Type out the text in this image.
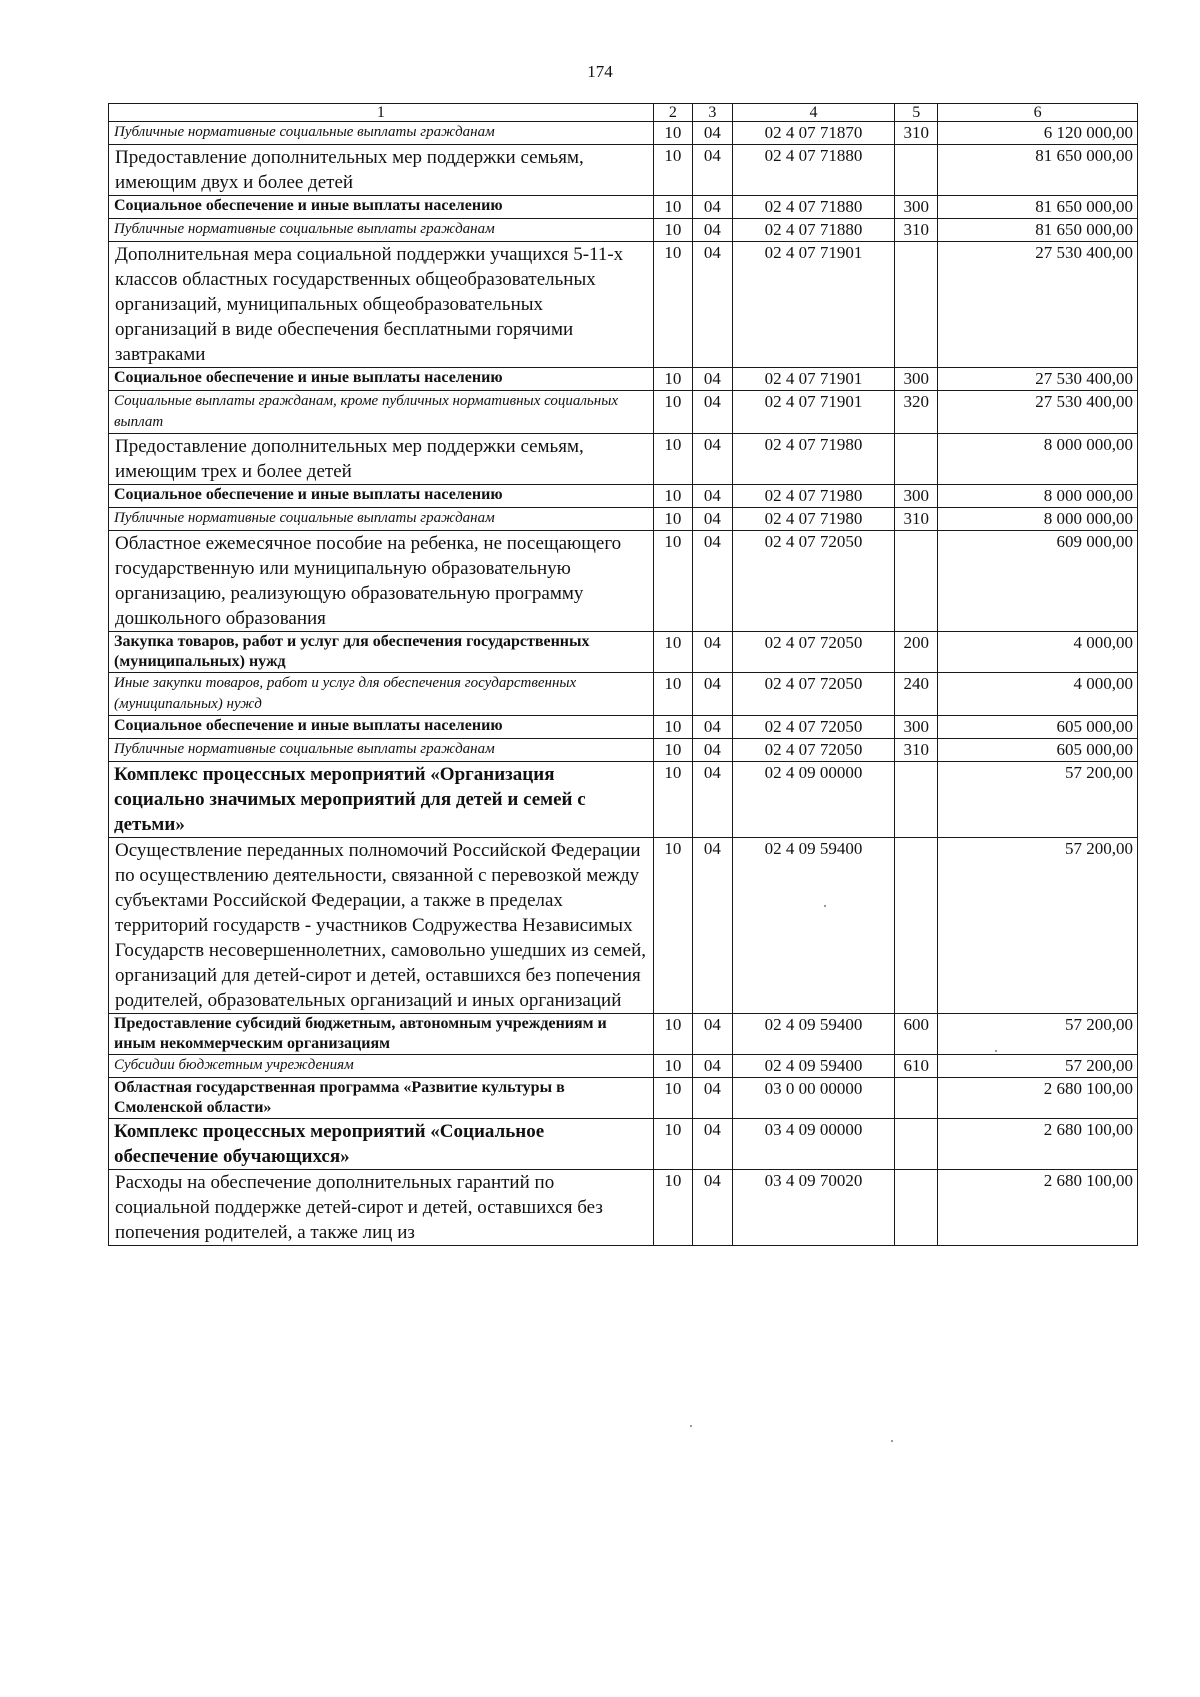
174
1	2	3	4	5	6
Публичные нормативные социальные выплаты гражданам	10	04	02 4 07 71870	310	6 120 000,00
Предоставление дополнительных мер поддержки семьям, имеющим двух и более детей	10	04	02 4 07 71880		81 650 000,00
Социальное обеспечение и иные выплаты населению	10	04	02 4 07 71880	300	81 650 000,00
Публичные нормативные социальные выплаты гражданам	10	04	02 4 07 71880	310	81 650 000,00
Дополнительная мера социальной поддержки учащихся 5-11-х классов областных государственных общеобразовательных организаций, муниципальных общеобразовательных организаций в виде обеспечения бесплатными горячими завтраками	10	04	02 4 07 71901		27 530 400,00
Социальное обеспечение и иные выплаты населению	10	04	02 4 07 71901	300	27 530 400,00
Социальные выплаты гражданам, кроме публичных нормативных социальных выплат	10	04	02 4 07 71901	320	27 530 400,00
Предоставление дополнительных мер поддержки семьям, имеющим трех и более детей	10	04	02 4 07 71980		8 000 000,00
Социальное обеспечение и иные выплаты населению	10	04	02 4 07 71980	300	8 000 000,00
Публичные нормативные социальные выплаты гражданам	10	04	02 4 07 71980	310	8 000 000,00
Областное ежемесячное пособие на ребенка, не посещающего государственную или муниципальную образовательную организацию, реализующую образовательную программу дошкольного образования	10	04	02 4 07 72050		609 000,00
Закупка товаров, работ и услуг для обеспечения государственных (муниципальных) нужд	10	04	02 4 07 72050	200	4 000,00
Иные закупки товаров, работ и услуг для обеспечения государственных (муниципальных) нужд	10	04	02 4 07 72050	240	4 000,00
Социальное обеспечение и иные выплаты населению	10	04	02 4 07 72050	300	605 000,00
Публичные нормативные социальные выплаты гражданам	10	04	02 4 07 72050	310	605 000,00
Комплекс процессных мероприятий «Организация социально значимых мероприятий для детей и семей с детьми»	10	04	02 4 09 00000		57 200,00
Осуществление переданных полномочий Российской Федерации по осуществлению деятельности, связанной с перевозкой между субъектами Российской Федерации, а также в пределах территорий государств - участников Содружества Независимых Государств несовершеннолетних, самовольно ушедших из семей, организаций для детей-сирот и детей, оставшихся без попечения родителей, образовательных организаций и иных организаций	10	04	02 4 09 59400		57 200,00
Предоставление субсидий бюджетным, автономным учреждениям и иным некоммерческим организациям	10	04	02 4 09 59400	600	57 200,00
Субсидии бюджетным учреждениям	10	04	02 4 09 59400	610	57 200,00
Областная государственная программа «Развитие культуры в Смоленской области»	10	04	03 0 00 00000		2 680 100,00
Комплекс процессных мероприятий «Социальное обеспечение обучающихся»	10	04	03 4 09 00000		2 680 100,00
Расходы на обеспечение дополнительных гарантий по социальной поддержке детей-сирот и детей, оставшихся без попечения родителей, а также лиц из	10	04	03 4 09 70020		2 680 100,00
